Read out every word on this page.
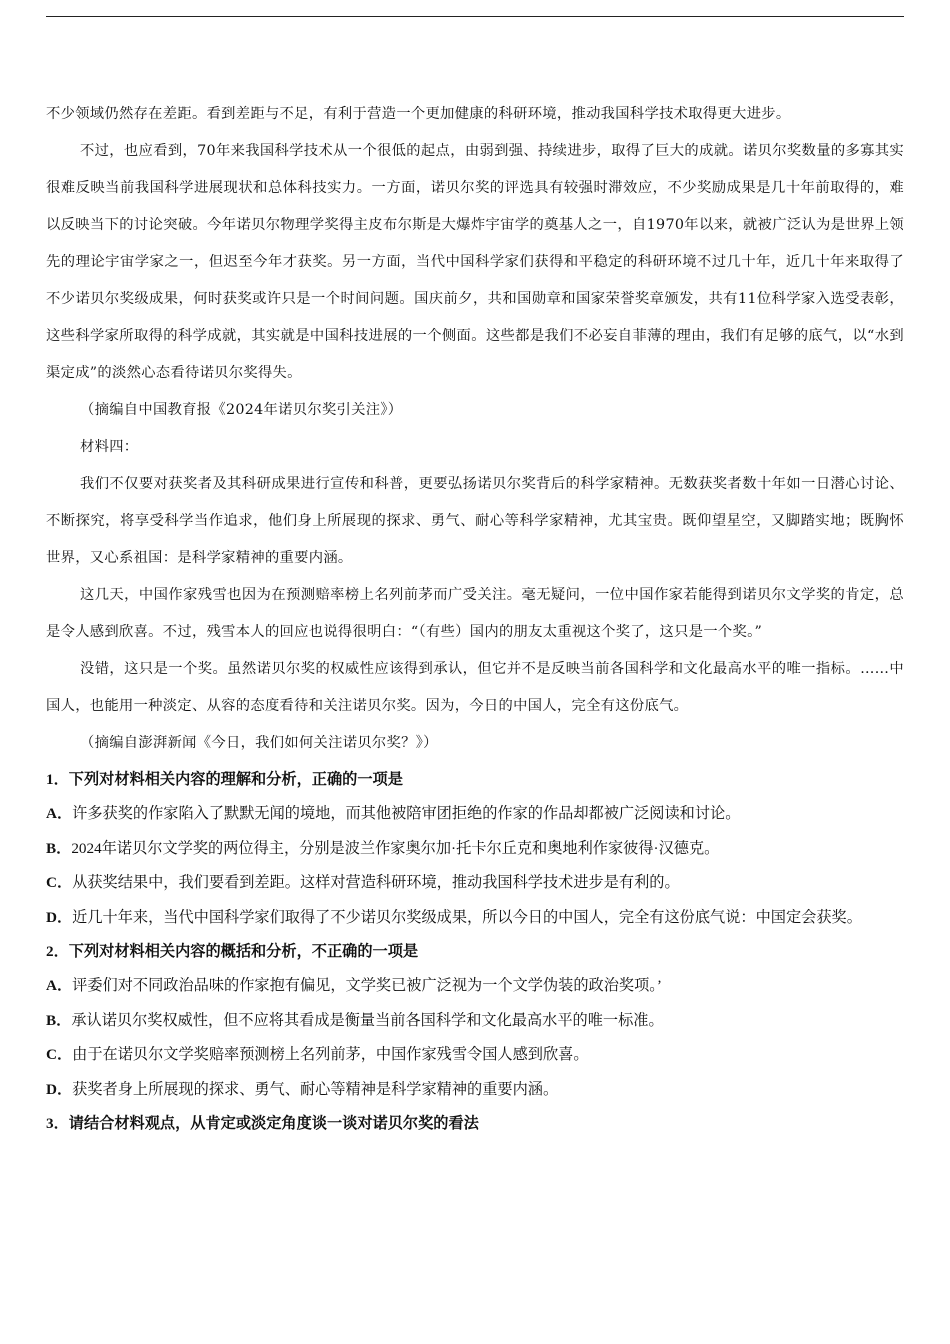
不少领域仍然存在差距。看到差距与不足，有利于营造一个更加健康的科研环境，推动我国科学技术取得更大进步。

不过，也应看到，70年来我国科学技术从一个很低的起点，由弱到强、持续进步，取得了巨大的成就。诺贝尔奖数量的多寡其实很难反映当前我国科学进展现状和总体科技实力。一方面，诺贝尔奖的评选具有较强时滞效应，不少奖励成果是几十年前取得的，难以反映当下的讨论突破。今年诺贝尔物理学奖得主皮布尔斯是大爆炸宇宙学的奠基人之一，自1970年以来，就被广泛认为是世界上领先的理论宇宙学家之一，但迟至今年才获奖。另一方面，当代中国科学家们获得和平稳定的科研环境不过几十年，近几十年来取得了不少诺贝尔奖级成果，何时获奖或许只是一个时间问题。国庆前夕，共和国勋章和国家荣誉奖章颁发，共有11位科学家入选受表彰，这些科学家所取得的科学成就，其实就是中国科技进展的一个侧面。这些都是我们不必妄自菲薄的理由，我们有足够的底气，以“水到渠定成”的淡然心态看待诺贝尔奖得失。

（摘编自中国教育报《2024年诺贝尔奖引关注》）

材料四：

我们不仅要对获奖者及其科研成果进行宣传和科普，更要弘扬诺贝尔奖背后的科学家精神。无数获奖者数十年如一日潜心讨论、不断探究，将享受科学当作追求，他们身上所展现的探求、勇气、耐心等科学家精神，尤其宝贵。既仰望星空，又脚踏实地；既胸怀世界，又心系祖国：是科学家精神的重要内涵。

这几天，中国作家残雪也因为在预测赔率榜上名列前茅而广受关注。毫无疑问，一位中国作家若能得到诺贝尔文学奖的肯定，总是令人感到欣喜。不过，残雪本人的回应也说得很明白：“（有些）国内的朋友太重视这个奖了，这只是一个奖。”

没错，这只是一个奖。虽然诺贝尔奖的权威性应该得到承认，但它并不是反映当前各国科学和文化最高水平的唯一指标。……中国人，也能用一种淡定、从容的态度看待和关注诺贝尔奖。因为，今日的中国人，完全有这份底气。

（摘编自澎湃新闻《今日，我们如何关注诺贝尔奖？》）

1．下列对材料相关内容的理解和分析，正确的一项是

A．许多获奖的作家陷入了默默无闻的境地，而其他被陪审团拒绝的作家的作品却都被广泛阅读和讨论。

B．2024年诺贝尔文学奖的两位得主，分别是波兰作家奥尔加·托卡尔丘克和奥地利作家彼得·汉德克。

C．从获奖结果中，我们要看到差距。这样对营造科研环境，推动我国科学技术进步是有利的。

D．近几十年来，当代中国科学家们取得了不少诺贝尔奖级成果，所以今日的中国人，完全有这份底气说：中国定会获奖。

2．下列对材料相关内容的概括和分析，不正确的一项是

A．评委们对不同政治品味的作家抱有偏见，文学奖已被广泛视为一个文学伪装的政治奖项。’

B．承认诺贝尔奖权威性，但不应将其看成是衡量当前各国科学和文化最高水平的唯一标准。

C．由于在诺贝尔文学奖赔率预测榜上名列前茅，中国作家残雪令国人感到欣喜。

D．获奖者身上所展现的探求、勇气、耐心等精神是科学家精神的重要内涵。

3．请结合材料观点，从肯定或淡定角度谈一谈对诺贝尔奖的看法
